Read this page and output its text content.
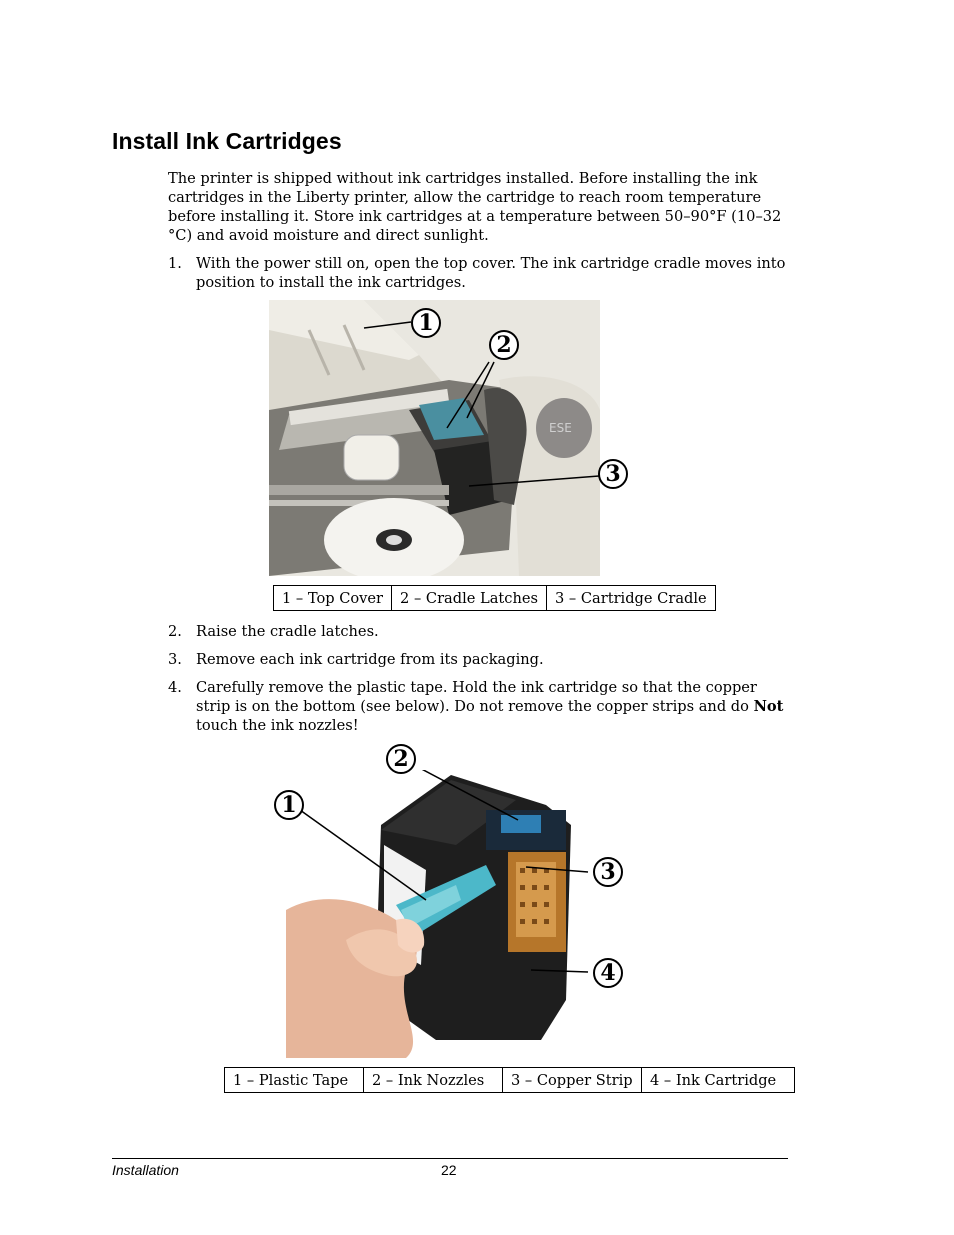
Install Ink Cartridges

The printer is shipped without ink cartridges installed. Before installing the ink cartridges in the Liberty printer, allow the cartridge to reach room temperature before installing it. Store ink cartridges at a temperature between 50–90°F (10–32 °C) and avoid moisture and direct sunlight.

1. With the power still on, open the top cover. The ink cartridge cradle moves into position to install the ink cartridges.
ESE
1
2
3
1 – Top Cover	2 – Cradle Latches	3 – Cartridge Cradle
2. Raise the cradle latches.
3. Remove each ink cartridge from its packaging.
4. Carefully remove the plastic tape. Hold the ink cartridge so that the copper strip is on the bottom (see below). Do not remove the copper strips and do Not touch the ink nozzles!
2
1
3
4
1 – Plastic Tape	2 – Ink Nozzles	3 – Copper Strip	4 – Ink Cartridge
Installation	22
